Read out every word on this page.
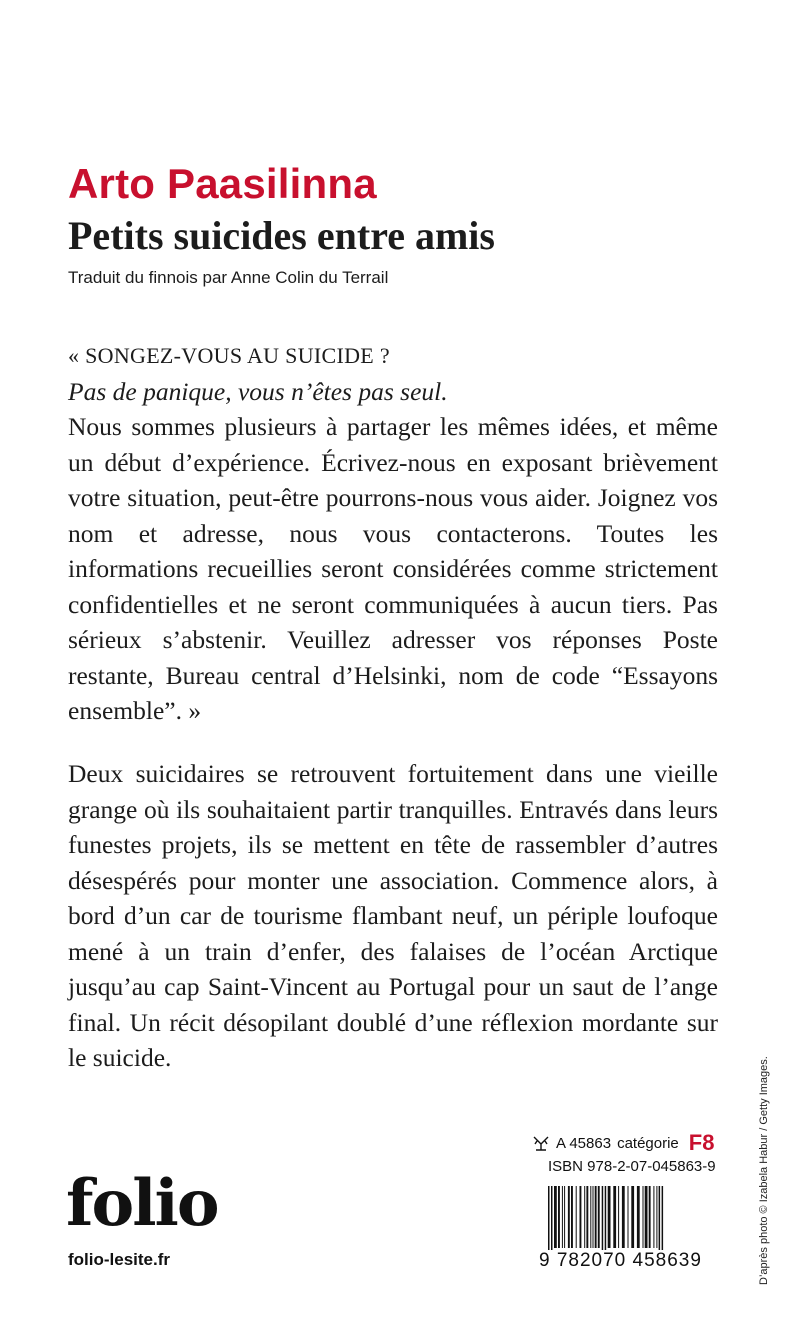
Arto Paasilinna
Petits suicides entre amis
Traduit du finnois par Anne Colin du Terrail
« SONGEZ-VOUS AU SUICIDE ?
Pas de panique, vous n’êtes pas seul.
Nous sommes plusieurs à partager les mêmes idées, et même un début d’expérience. Écrivez-nous en exposant brièvement votre situation, peut-être pourrons-nous vous aider. Joignez vos nom et adresse, nous vous contacterons. Toutes les informations recueillies seront considérées comme strictement confidentielles et ne seront communiquées à aucun tiers. Pas sérieux s’abstenir. Veuillez adresser vos réponses Poste restante, Bureau central d’Helsinki, nom de code “Essayons ensemble”. »
Deux suicidaires se retrouvent fortuitement dans une vieille grange où ils souhaitaient partir tranquilles. Entravés dans leurs funestes projets, ils se mettent en tête de rassembler d’autres désespérés pour monter une association. Commence alors, à bord d’un car de tourisme flambant neuf, un périple loufoque mené à un train d’enfer, des falaises de l’océan Arctique jusqu’au cap Saint-Vincent au Portugal pour un saut de l’ange final. Un récit désopilant doublé d’une réflexion mordante sur le suicide.
A 45863 catégorie F8
ISBN 978-2-07-045863-9
9 782070 458639
folio
folio-lesite.fr	D’après photo © Izabela Habur / Getty Images.
